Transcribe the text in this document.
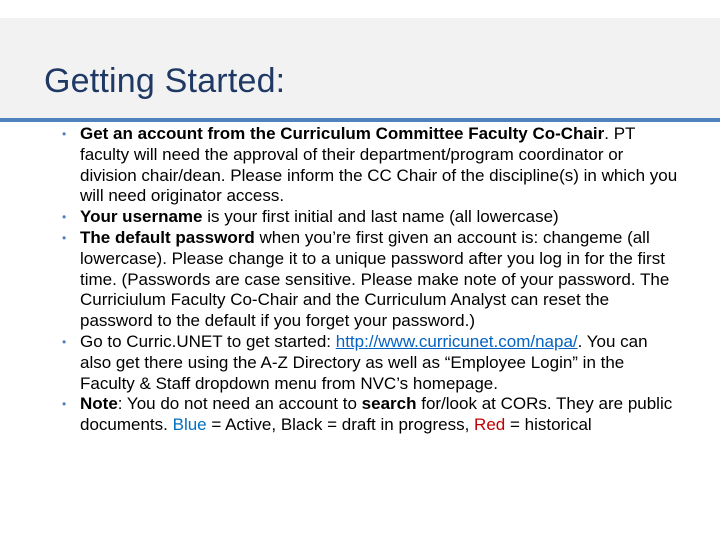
Getting Started:
• Get an account from the Curriculum Committee Faculty Co-Chair. PT faculty will need the approval of their department/program coordinator or division chair/dean. Please inform the CC Chair of the discipline(s) in which you will need originator access.
• Your username is your first initial and last name (all lowercase)
• The default password when you’re first given an account is: changeme (all lowercase). Please change it to a unique password after you log in for the first time. (Passwords are case sensitive. Please make note of your password. The Curriciulum Faculty Co-Chair and the Curriculum Analyst can reset the password to the default if you forget your password.)
• Go to Curric.UNET to get started: http://www.curricunet.com/napa/. You can also get there using the A-Z Directory as well as “Employee Login” in the Faculty & Staff dropdown menu from NVC’s homepage.
• Note: You do not need an account to search for/look at CORs. They are public documents. Blue = Active, Black = draft in progress, Red = historical
